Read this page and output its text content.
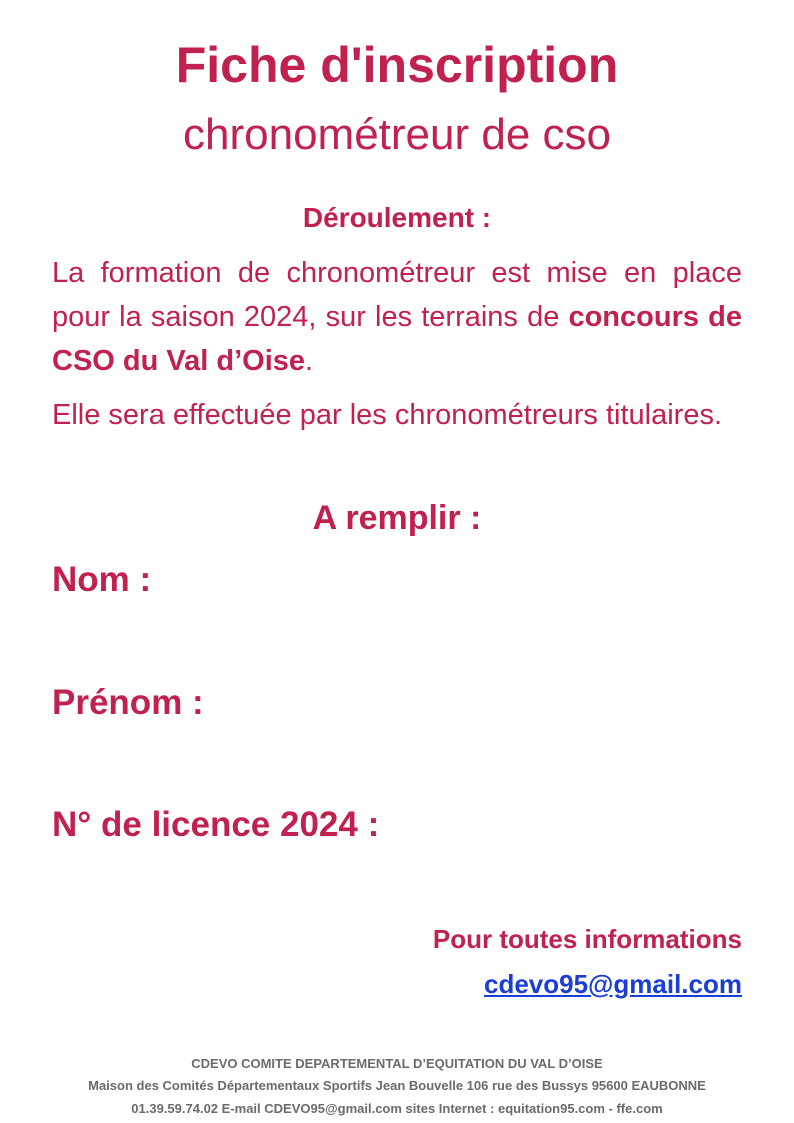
Fiche d'inscription
chronométreur de cso
Déroulement :

La formation de chronométreur est mise en place pour la saison 2024, sur les terrains de concours de CSO du Val d’Oise.

Elle sera effectuée par les chronométreurs titulaires.

A remplir :
Nom :
Prénom :
N° de licence 2024 :
Pour toutes informations
cdevo95@gmail.com
CDEVO COMITE DEPARTEMENTAL D’EQUITATION DU VAL D’OISE
Maison des Comités Départementaux Sportifs Jean Bouvelle 106 rue des Bussys 95600 EAUBONNE
01.39.59.74.02 E-mail CDEVO95@gmail.com sites Internet : equitation95.com - ffe.com
